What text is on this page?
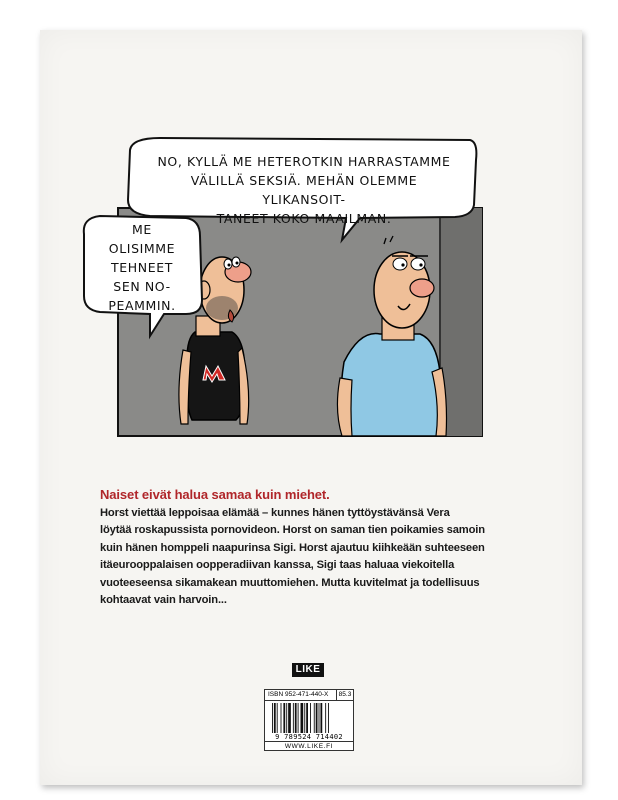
NO, KYLLÄ ME HETEROTKIN HARRASTAMME
VÄLILLÄ SEKSIÄ. MEHÄN OLEMME YLIKANSOIT-
TANEET KOKO MAAILMAN.
ME
OLISIMME
TEHNEET
SEN NO-
PEAMMIN.

Naiset eivät halua samaa kuin miehet.

Horst viettää leppoisaa elämää – kunnes hänen tyttöystävänsä Vera
löytää roskapussista pornovideon. Horst on saman tien poikamies samoin
kuin hänen homppeli naapurinsa Sigi. Horst ajautuu kiihkeään suhteeseen
itäeurooppalaisen oopperadiivan kanssa, Sigi taas haluaa viekoitella
vuoteeseensa sikamakean muuttomiehen. Mutta kuvitelmat ja todellisuus
kohtaavat vain harvoin...

LIKE
ISBN 952-471-440-X	85.3
9 789524 714402
WWW.LIKE.FI
